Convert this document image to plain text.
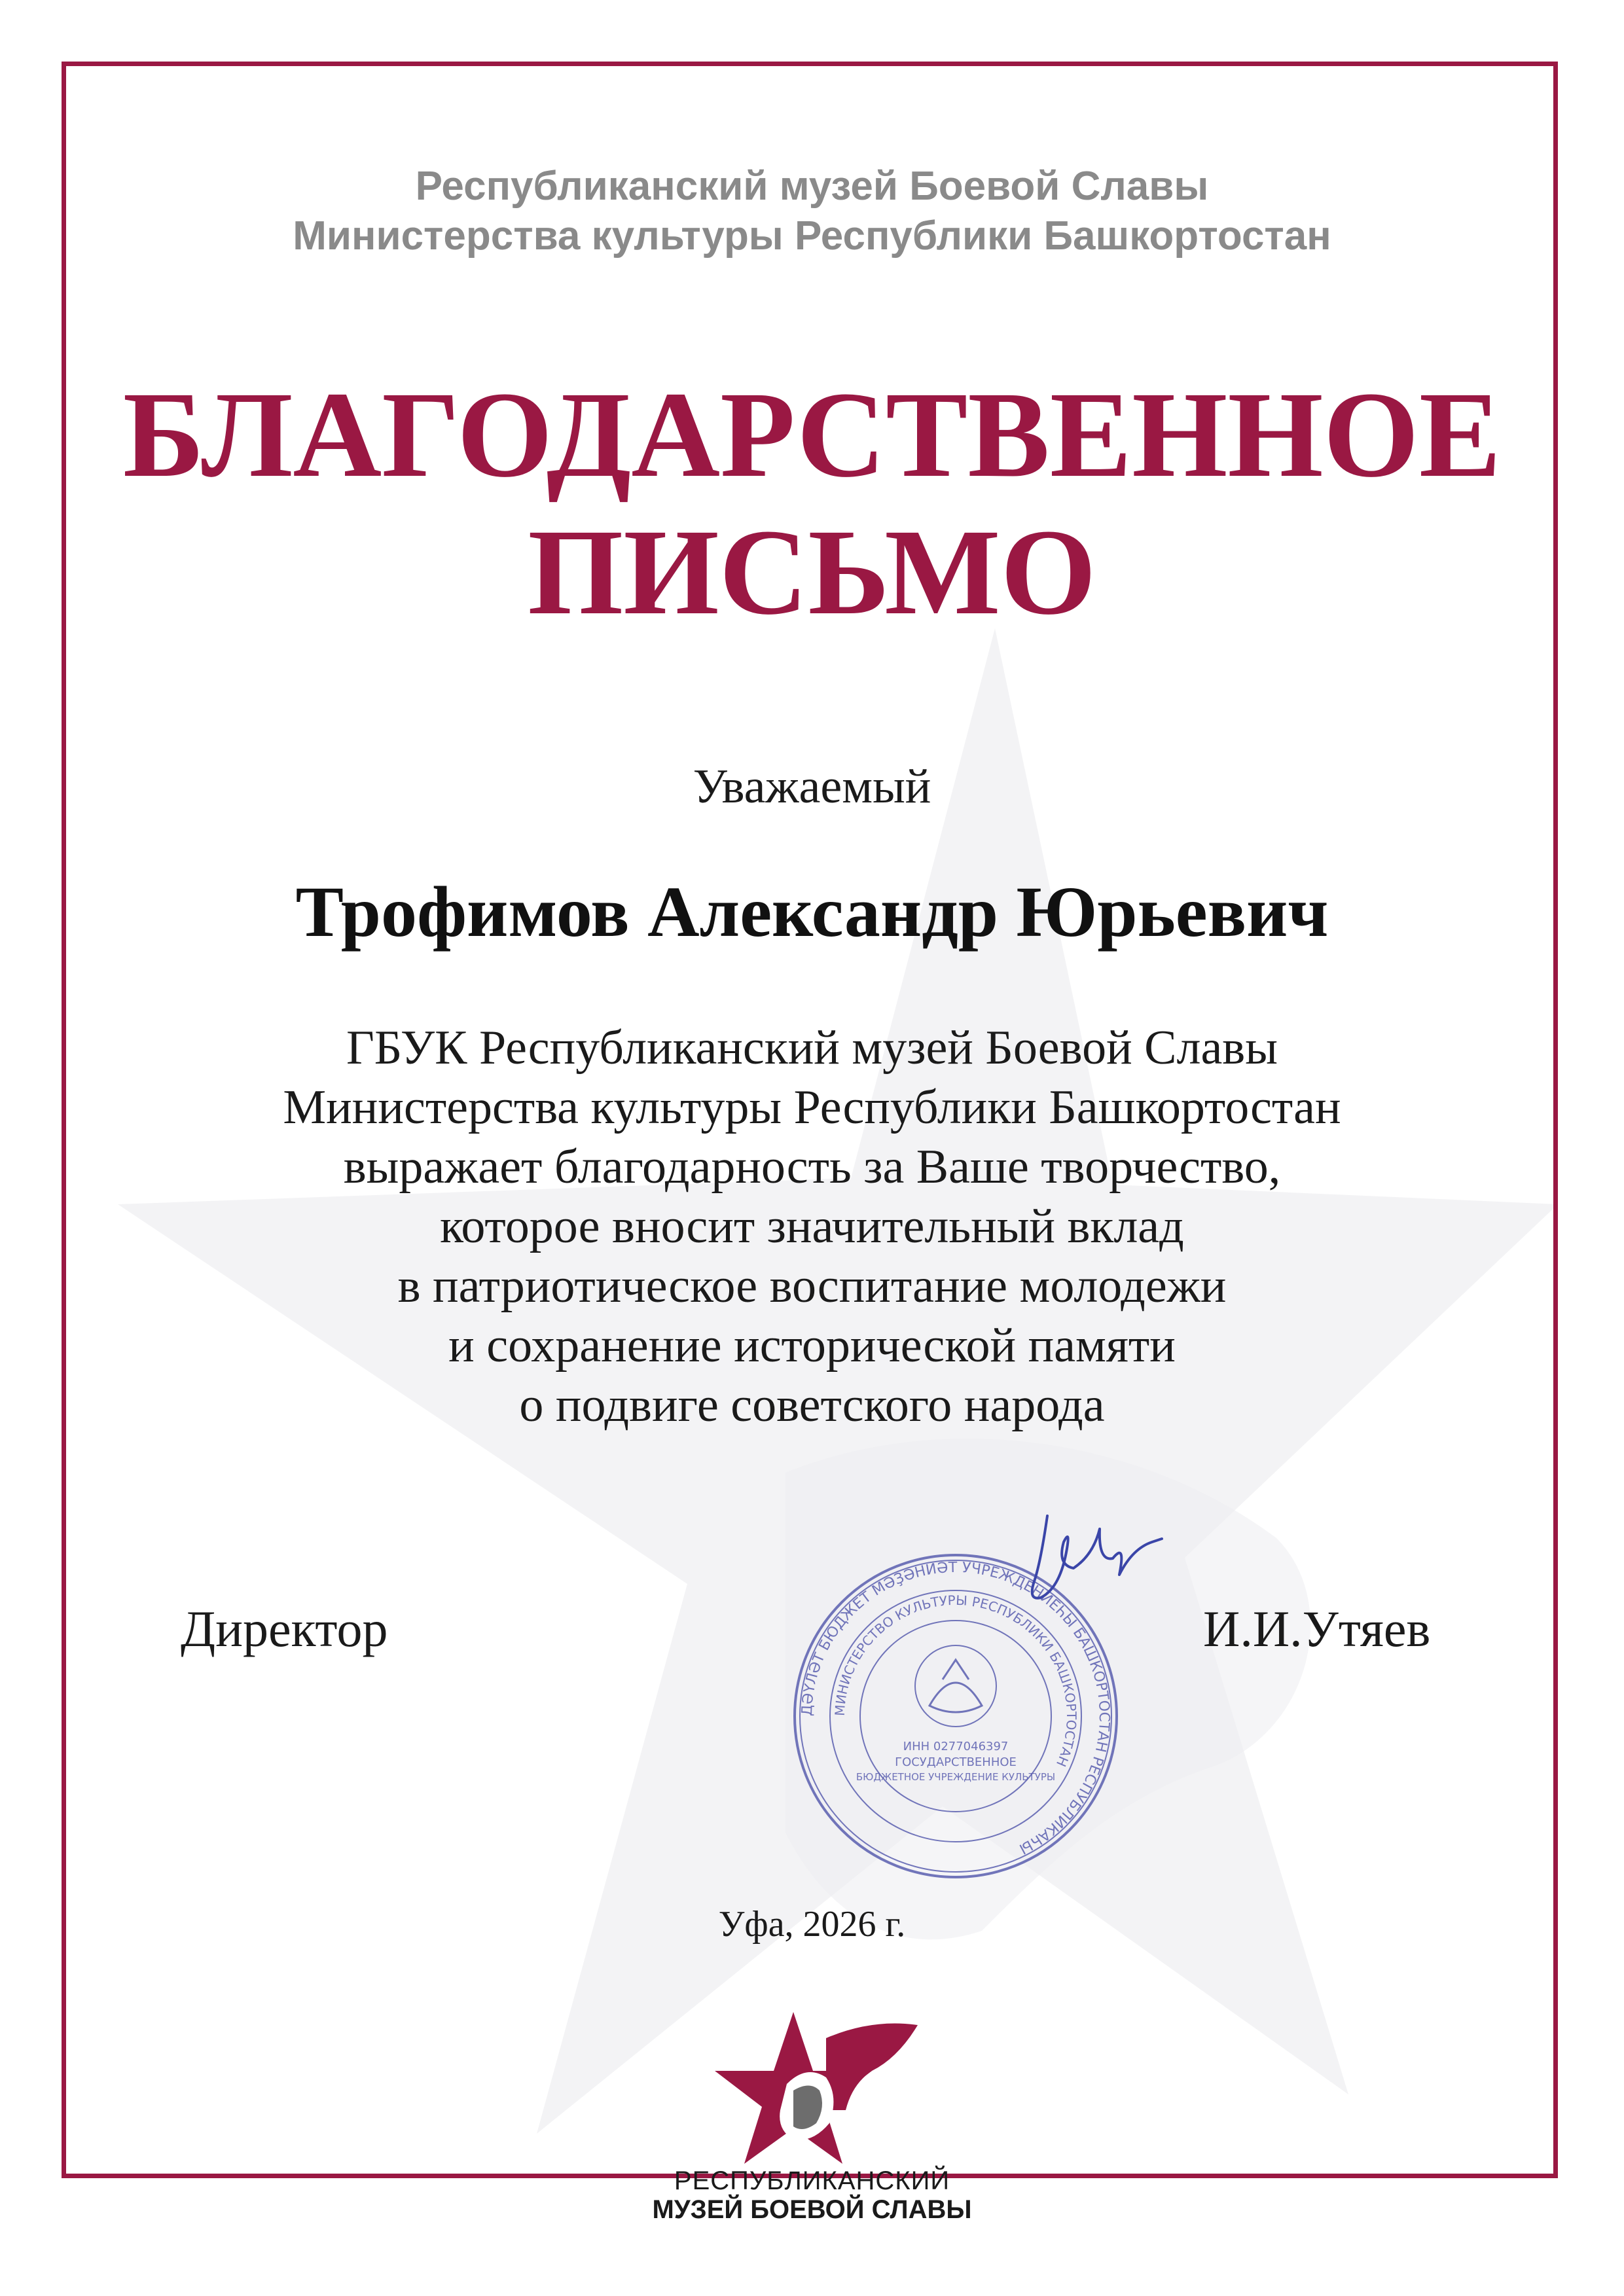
Республиканский музей Боевой Славы
Министерства культуры Республики Башкортостан
БЛАГОДАРСТВЕННОЕ
ПИСЬМО
Уважаемый
Трофимов Александр Юрьевич
ГБУК Республиканский музей Боевой Славы
Министерства культуры Республики Башкортостан
выражает благодарность за Ваше творчество,
которое вносит значительный вклад
в патриотическое воспитание молодежи
и сохранение исторической памяти
о подвиге советского народа
Директор	И.И.Утяев
ДӘҮЛӘТ БЮДЖЕТ МӘҘӘНИӘТ УЧРЕЖДЕНИЕҺЫ БАШКОРТОСТАН РЕСПУБЛИКАҺЫ
МИНИСТЕРСТВО КУЛЬТУРЫ РЕСПУБЛИКИ БАШКОРТОСТАН
ИНН 0277046397
ГОСУДАРСТВЕННОЕ
БЮДЖЕТНОЕ УЧРЕЖДЕНИЕ КУЛЬТУРЫ
Уфа, 2026 г.
РЕСПУБЛИКАНСКИЙ
МУЗЕЙ БОЕВОЙ СЛАВЫ
